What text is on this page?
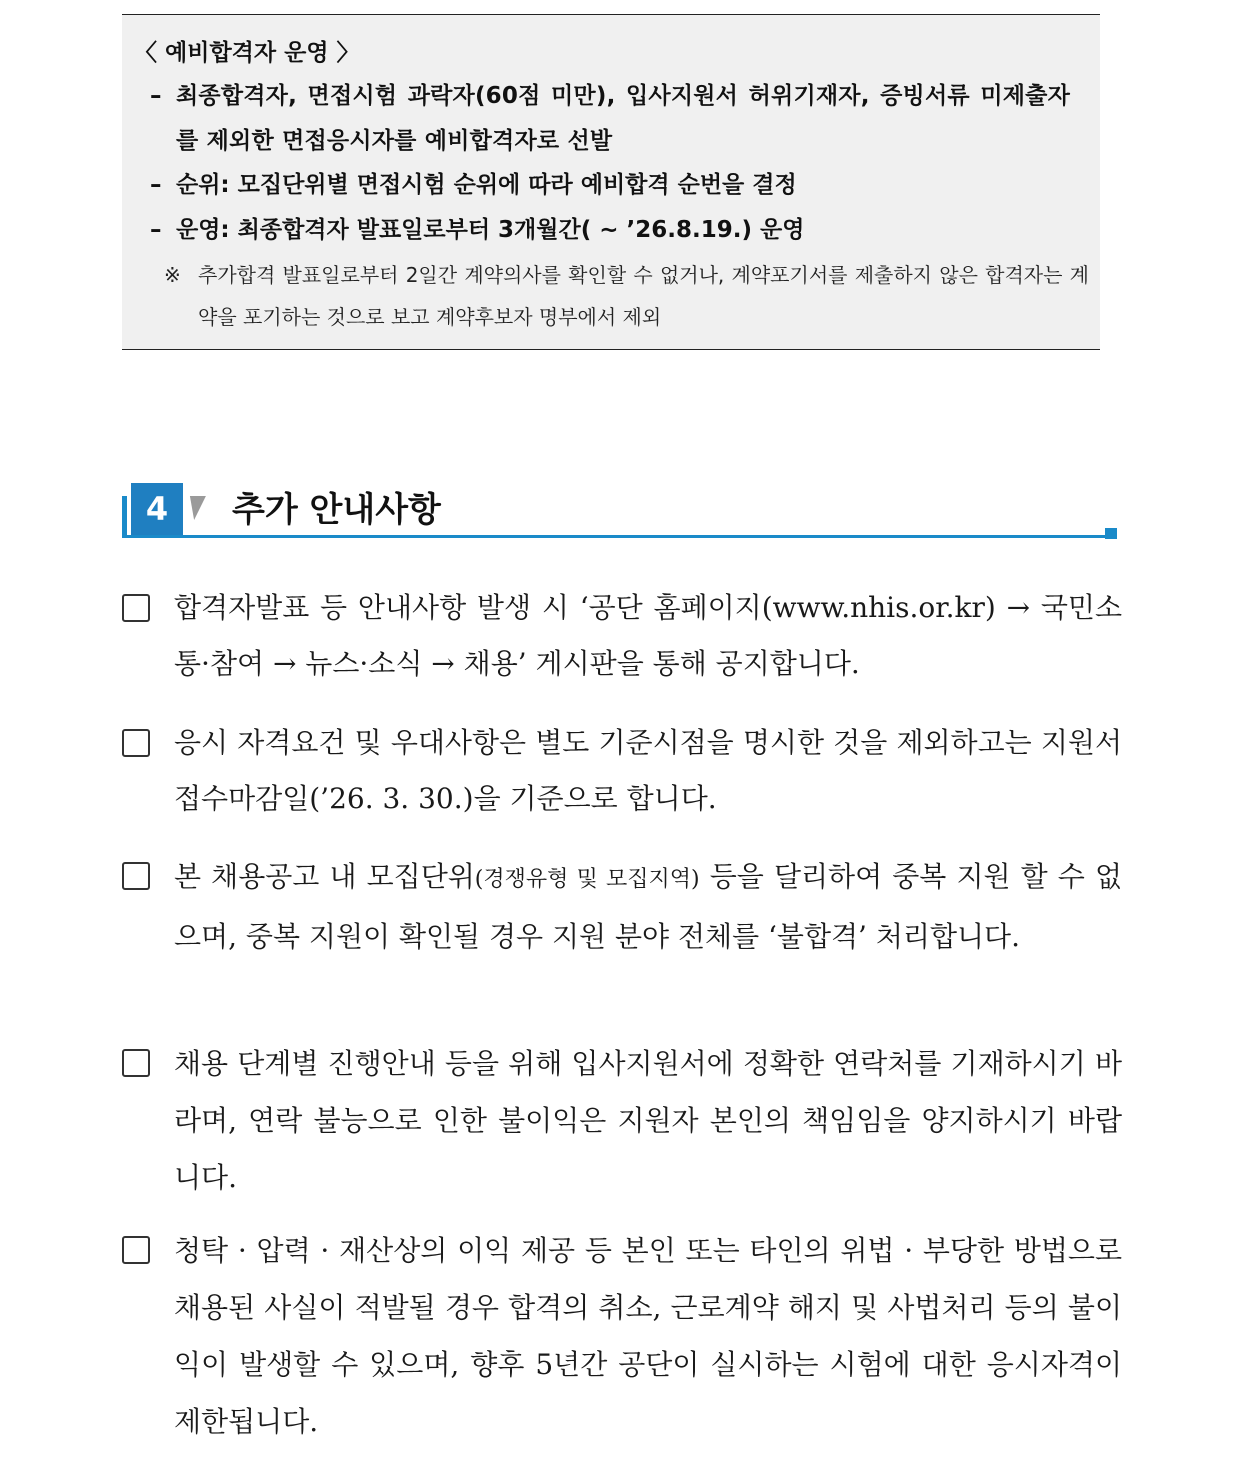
〈 예비합격자 운영 〉
– 최종합격자, 면접시험 과락자(60점 미만), 입사지원서 허위기재자, 증빙서류 미제출자를 제외한 면접응시자를 예비합격자로 선발
– 순위: 모집단위별 면접시험 순위에 따라 예비합격 순번을 결정
– 운영: 최종합격자 발표일로부터 3개월간( ~ ’26.8.19.) 운영
※ 추가합격 발표일로부터 2일간 계약의사를 확인할 수 없거나, 계약포기서를 제출하지 않은 합격자는 계약을 포기하는 것으로 보고 계약후보자 명부에서 제외
4	추가 안내사항
합격자발표 등 안내사항 발생 시 ‘공단 홈페이지(www.nhis.or.kr) → 국민소통·참여 → 뉴스·소식 → 채용’ 게시판을 통해 공지합니다.
응시 자격요건 및 우대사항은 별도 기준시점을 명시한 것을 제외하고는 지원서 접수마감일(’26. 3. 30.)을 기준으로 합니다.
본 채용공고 내 모집단위(경쟁유형 및 모집지역) 등을 달리하여 중복 지원 할 수 없으며, 중복 지원이 확인될 경우 지원 분야 전체를 ‘불합격’ 처리합니다.
채용 단계별 진행안내 등을 위해 입사지원서에 정확한 연락처를 기재하시기 바라며, 연락 불능으로 인한 불이익은 지원자 본인의 책임임을 양지하시기 바랍니다.
청탁 · 압력 · 재산상의 이익 제공 등 본인 또는 타인의 위법 · 부당한 방법으로 채용된 사실이 적발될 경우 합격의 취소, 근로계약 해지 및 사법처리 등의 불이익이 발생할 수 있으며, 향후 5년간 공단이 실시하는 시험에 대한 응시자격이 제한됩니다.
